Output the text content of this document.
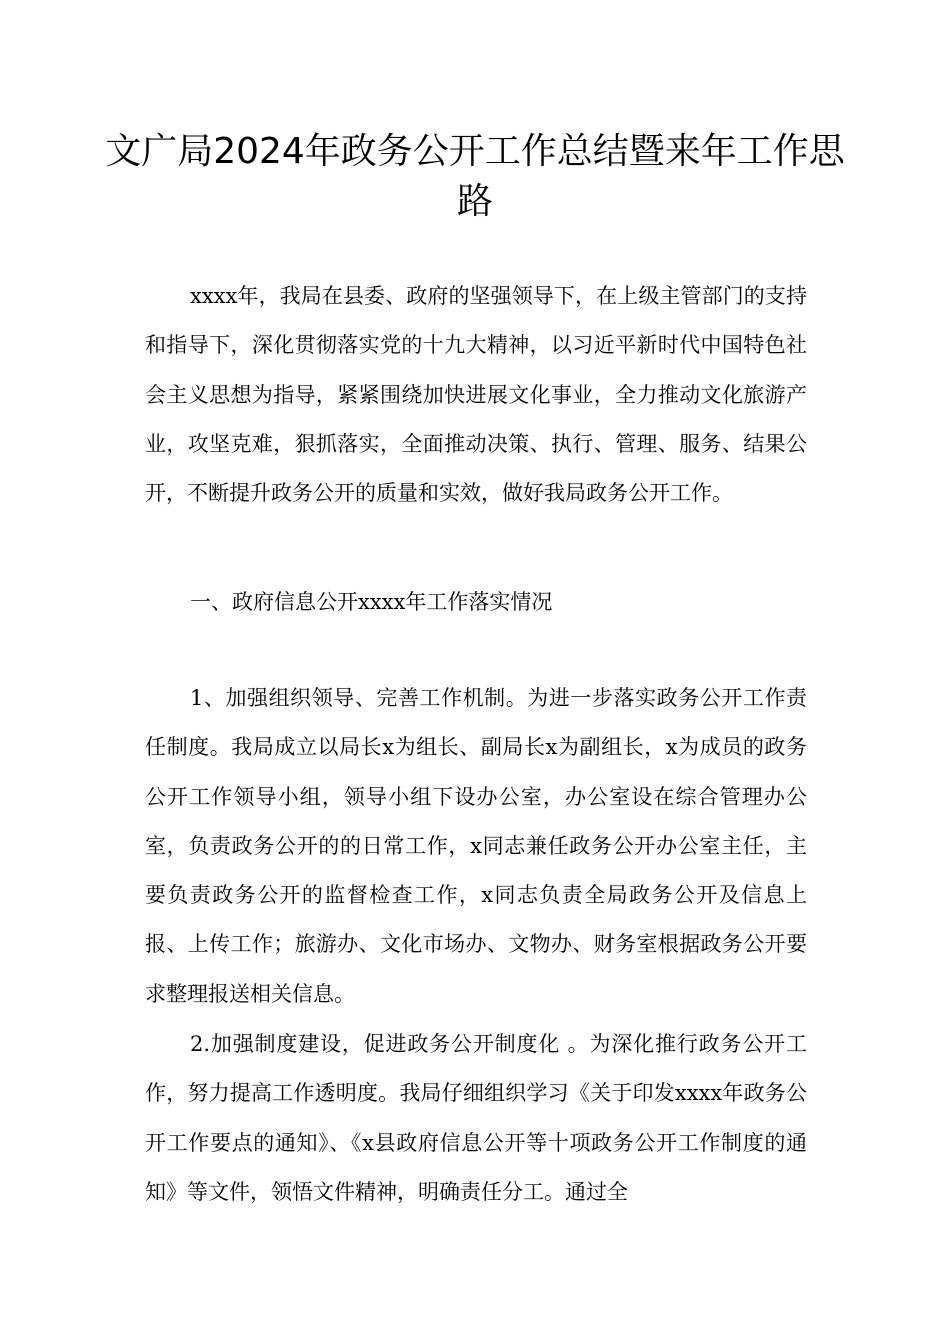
文广局2024年政务公开工作总结暨来年工作思路

xxxx年，我局在县委、政府的坚强领导下，在上级主管部门的支持和指导下，深化贯彻落实党的十九大精神，以习近平新时代中国特色社会主义思想为指导，紧紧围绕加快进展文化事业，全力推动文化旅游产业，攻坚克难，狠抓落实，全面推动决策、执行、管理、服务、结果公开，不断提升政务公开的质量和实效，做好我局政务公开工作。

一、政府信息公开xxxx年工作落实情况

1、加强组织领导、完善工作机制。为进一步落实政务公开工作责任制度。我局成立以局长x为组长、副局长x为副组长，x为成员的政务公开工作领导小组，领导小组下设办公室，办公室设在综合管理办公室，负责政务公开的的日常工作，x同志兼任政务公开办公室主任，主要负责政务公开的监督检查工作，x同志负责全局政务公开及信息上报、上传工作；旅游办、文化市场办、文物办、财务室根据政务公开要求整理报送相关信息。

2.加强制度建设，促进政务公开制度化 。为深化推行政务公开工作，努力提高工作透明度。我局仔细组织学习《关于印发xxxx年政务公开工作要点的通知》、《x县政府信息公开等十项政务公开工作制度的通知》等文件，领悟文件精神，明确责任分工。通过全
